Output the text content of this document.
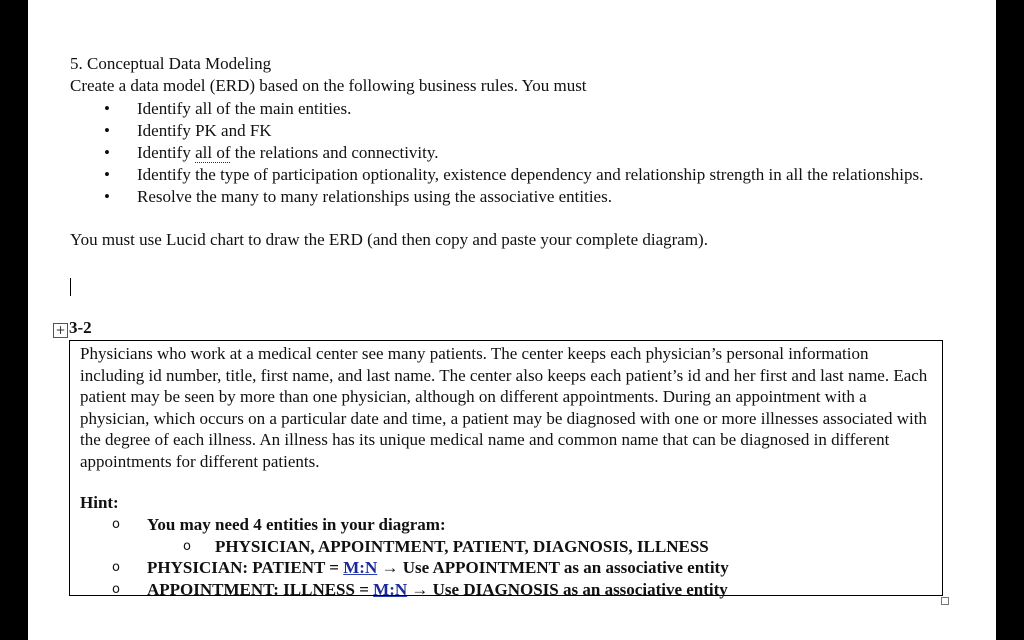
5. Conceptual Data Modeling

Create a data model (ERD) based on the following business rules. You must

• Identify all of the main entities.
• Identify PK and FK
• Identify all of the relations and connectivity.
• Identify the type of participation optionality, existence dependency and relationship strength in all the relationships.
• Resolve the many to many relationships using the associative entities.

You must use Lucid chart to draw the ERD (and then copy and paste your complete diagram).

+ 3-2

Physicians who work at a medical center see many patients. The center keeps each physician’s personal information including id number, title, first name, and last name. The center also keeps each patient’s id and her first and last name. Each patient may be seen by more than one physician, although on different appointments. During an appointment with a physician, which occurs on a particular date and time, a patient may be diagnosed with one or more illnesses associated with the degree of each illness. An illness has its unique medical name and common name that can be diagnosed in different appointments for different patients.

Hint:
o You may need 4 entities in your diagram:
o PHYSICIAN, APPOINTMENT, PATIENT, DIAGNOSIS, ILLNESS
o PHYSICIAN: PATIENT = M:N → Use APPOINTMENT as an associative entity
o APPOINTMENT: ILLNESS = M:N → Use DIAGNOSIS as an associative entity
